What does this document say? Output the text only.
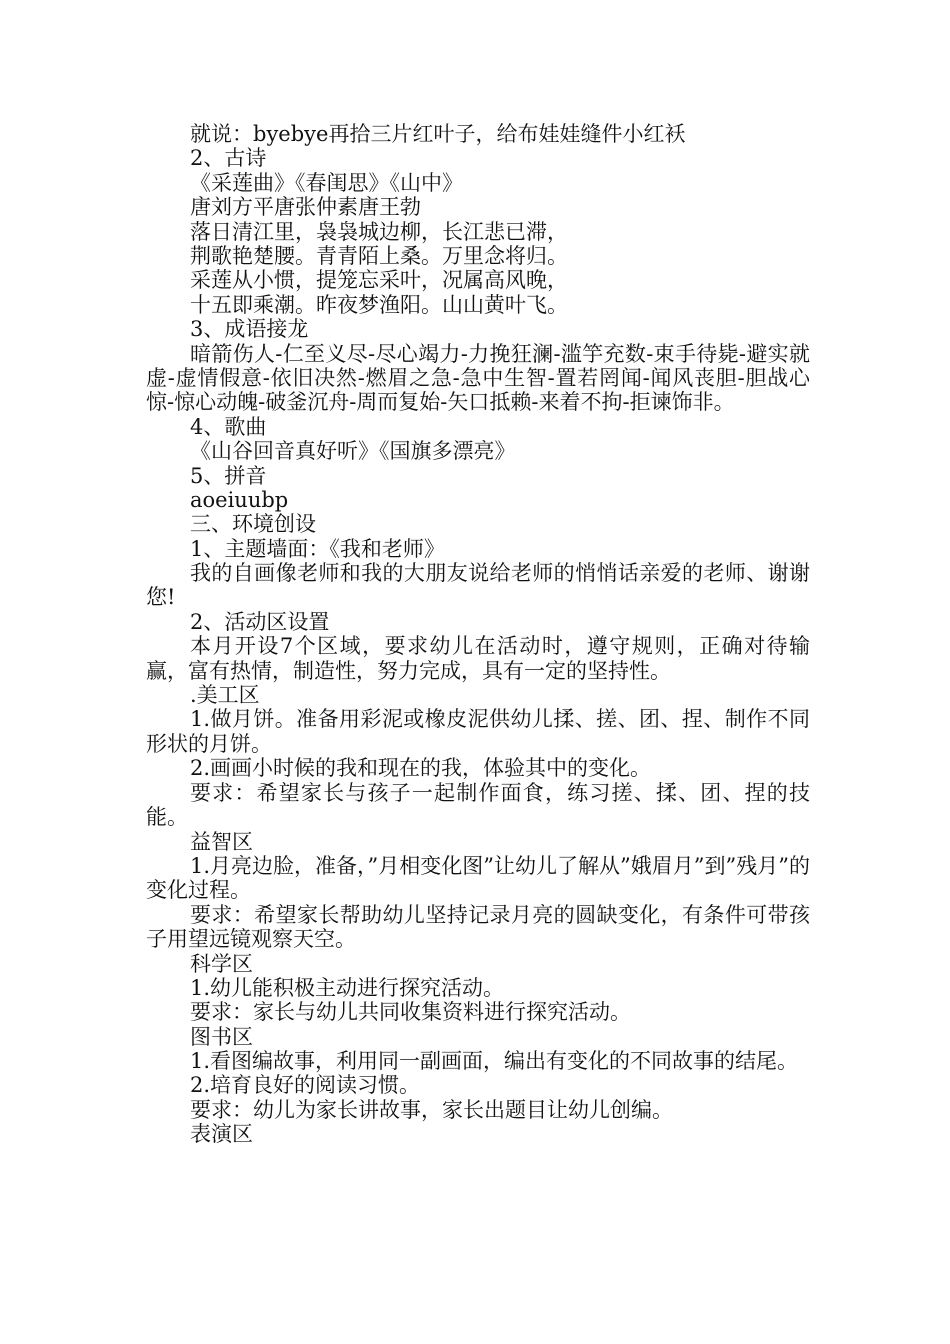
就说：byebye再拾三片红叶子，给布娃娃缝件小红袄
2、古诗
《采莲曲》《春闺思》《山中》
唐刘方平唐张仲素唐王勃
落日清江里，袅袅城边柳，长江悲已滞，
荆歌艳楚腰。青青陌上桑。万里念将归。
采莲从小惯，提笼忘采叶，况属高风晚，
十五即乘潮。昨夜梦渔阳。山山黄叶飞。
3、成语接龙
暗箭伤人-仁至义尽-尽心竭力-力挽狂澜-滥竽充数-束手待毙-避实就虚-虚情假意-依旧决然-燃眉之急-急中生智-置若罔闻-闻风丧胆-胆战心惊-惊心动魄-破釜沉舟-周而复始-矢口抵赖-来着不拘-拒谏饰非。
4、歌曲
《山谷回音真好听》《国旗多漂亮》
5、拼音
aoeiuubp
三、环境创设
1、主题墙面：《我和老师》
我的自画像老师和我的大朋友说给老师的悄悄话亲爱的老师、谢谢您!
2、活动区设置
本月开设7个区域，要求幼儿在活动时，遵守规则，正确对待输赢，富有热情，制造性，努力完成，具有一定的坚持性。
.美工区
1.做月饼。准备用彩泥或橡皮泥供幼儿揉、搓、团、捏、制作不同形状的月饼。
2.画画小时候的我和现在的我，体验其中的变化。
要求：希望家长与孩子一起制作面食，练习搓、揉、团、捏的技能。
益智区
1.月亮边脸，准备，”月相变化图”让幼儿了解从”娥眉月”到”残月”的变化过程。
要求：希望家长帮助幼儿坚持记录月亮的圆缺变化，有条件可带孩子用望远镜观察天空。
科学区
1.幼儿能积极主动进行探究活动。
要求：家长与幼儿共同收集资料进行探究活动。
图书区
1.看图编故事，利用同一副画面，编出有变化的不同故事的结尾。
2.培育良好的阅读习惯。
要求：幼儿为家长讲故事，家长出题目让幼儿创编。
表演区
